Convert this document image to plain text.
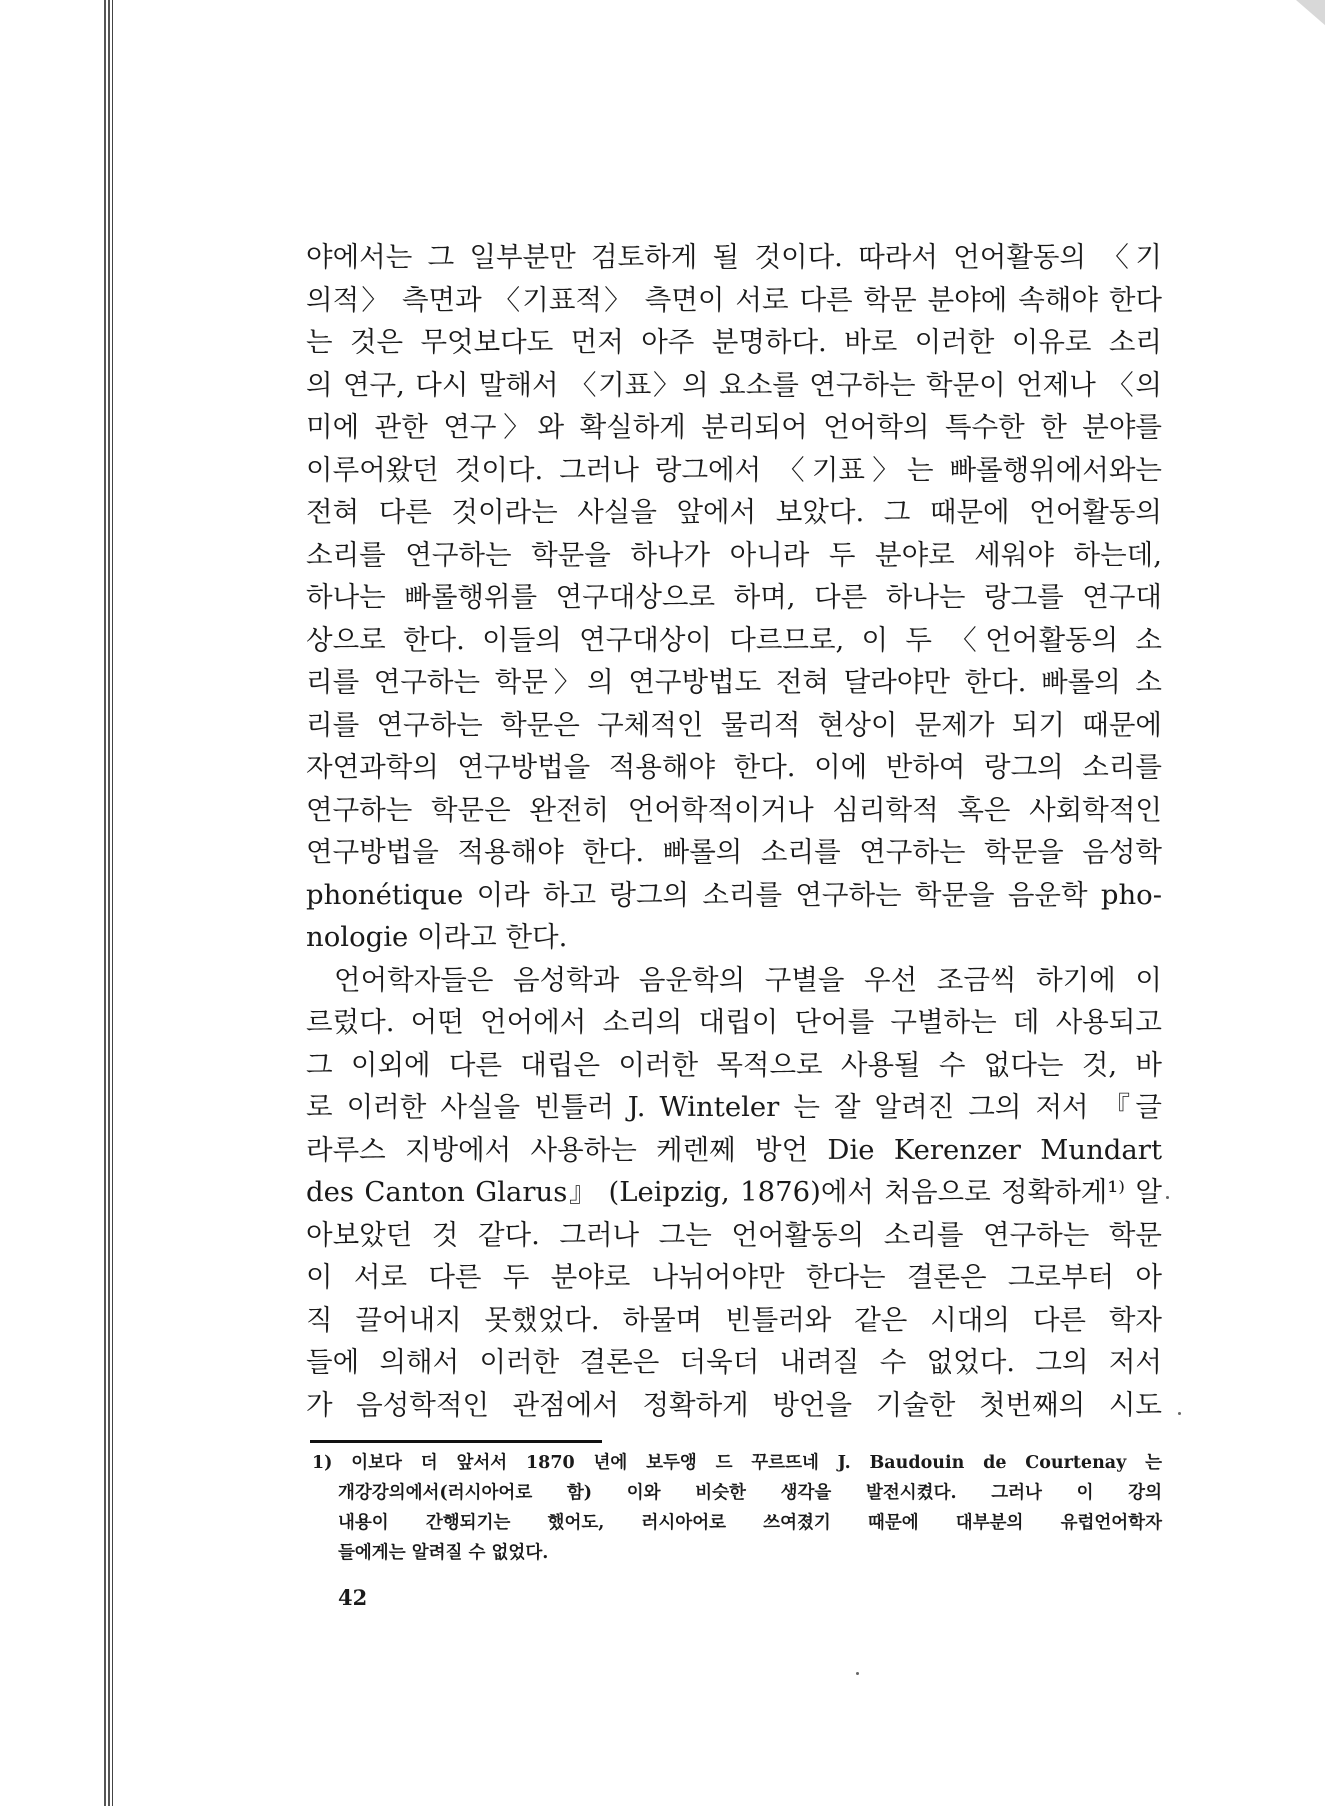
야에서는 그 일부분만 검토하게 될 것이다. 따라서 언어활동의 〈기
의적〉 측면과 〈기표적〉 측면이 서로 다른 학문 분야에 속해야 한다
는 것은 무엇보다도 먼저 아주 분명하다. 바로 이러한 이유로 소리
의 연구, 다시 말해서 〈기표〉의 요소를 연구하는 학문이 언제나 〈의
미에 관한 연구〉와 확실하게 분리되어 언어학의 특수한 한 분야를
이루어왔던 것이다. 그러나 랑그에서 〈기표〉는 빠롤행위에서와는
전혀 다른 것이라는 사실을 앞에서 보았다. 그 때문에 언어활동의
소리를 연구하는 학문을 하나가 아니라 두 분야로 세워야 하는데,
하나는 빠롤행위를 연구대상으로 하며, 다른 하나는 랑그를 연구대
상으로 한다. 이들의 연구대상이 다르므로, 이 두 〈언어활동의 소
리를 연구하는 학문〉의 연구방법도 전혀 달라야만 한다. 빠롤의 소
리를 연구하는 학문은 구체적인 물리적 현상이 문제가 되기 때문에
자연과학의 연구방법을 적용해야 한다. 이에 반하여 랑그의 소리를
연구하는 학문은 완전히 언어학적이거나 심리학적 혹은 사회학적인
연구방법을 적용해야 한다. 빠롤의 소리를 연구하는 학문을 음성학
phonétique 이라 하고 랑그의 소리를 연구하는 학문을 음운학 pho-
nologie 이라고 한다.
언어학자들은 음성학과 음운학의 구별을 우선 조금씩 하기에 이
르렀다. 어떤 언어에서 소리의 대립이 단어를 구별하는 데 사용되고
그 이외에 다른 대립은 이러한 목적으로 사용될 수 없다는 것, 바
로 이러한 사실을 빈틀러 J. Winteler 는 잘 알려진 그의 저서 『글
라루스 지방에서 사용하는 케렌쩨 방언 Die Kerenzer Mundart
des Canton Glarus』 (Leipzig, 1876)에서 처음으로 정확하게¹⁾ 알
아보았던 것 같다. 그러나 그는 언어활동의 소리를 연구하는 학문
이 서로 다른 두 분야로 나뉘어야만 한다는 결론은 그로부터 아
직 끌어내지 못했었다. 하물며 빈틀러와 같은 시대의 다른 학자
들에 의해서 이러한 결론은 더욱더 내려질 수 없었다. 그의 저서
가 음성학적인 관점에서 정확하게 방언을 기술한 첫번째의 시도
1) 이보다 더 앞서서 1870 년에 보두앵 드 꾸르뜨네 J. Baudouin de Courtenay 는
개강강의에서(러시아어로 함) 이와 비슷한 생각을 발전시켰다. 그러나 이 강의
내용이 간행되기는 했어도, 러시아어로 쓰여졌기 때문에 대부분의 유럽언어학자
들에게는 알려질 수 없었다.
42
